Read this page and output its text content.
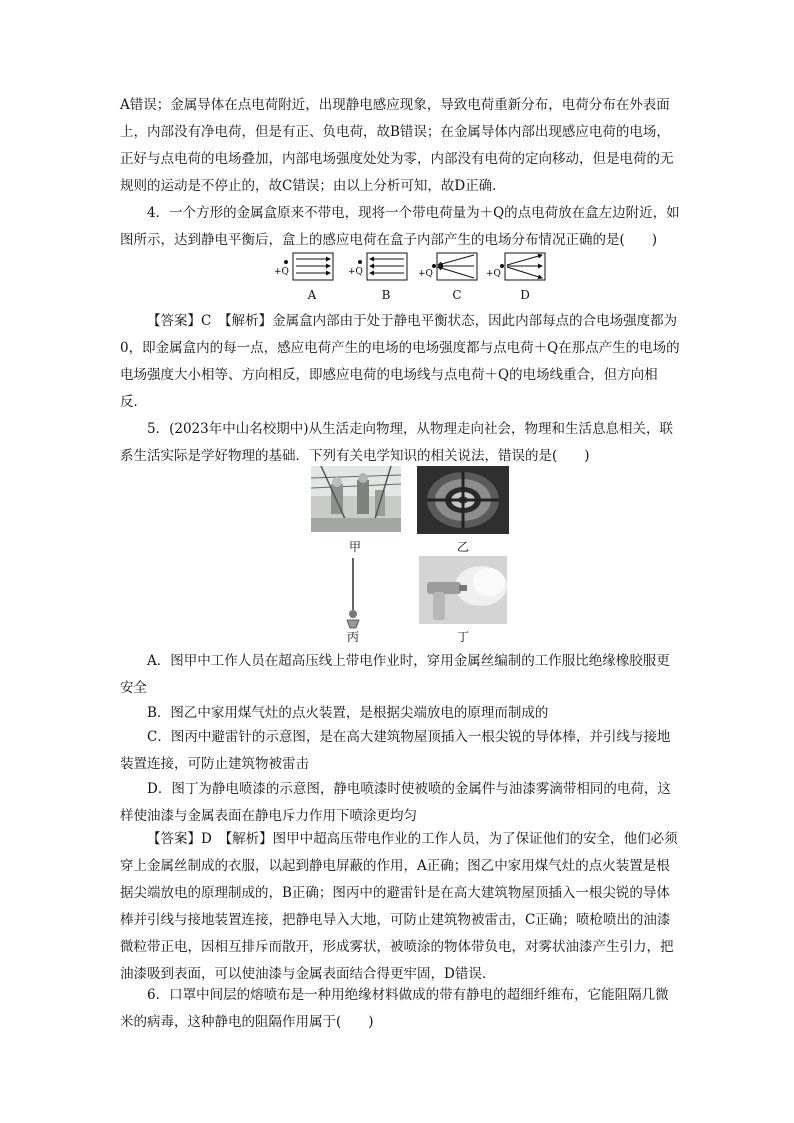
A错误；金属导体在点电荷附近，出现静电感应现象，导致电荷重新分布，电荷分布在外表面上，内部没有净电荷，但是有正、负电荷，故B错误；在金属导体内部出现感应电荷的电场，正好与点电荷的电场叠加，内部电场强度处处为零，内部没有电荷的定向移动，但是电荷的无规则的运动是不停止的，故C错误；由以上分析可知，故D正确．

4．一个方形的金属盒原来不带电，现将一个带电荷量为＋Q的点电荷放在盒左边附近，如图所示，达到静电平衡后，盒上的感应电荷在盒子内部产生的电场分布情况正确的是(　　)

+Q	+Q	+Q	+Q
A	B	C	D

【答案】C　【解析】金属盒内部由于处于静电平衡状态，因此内部每点的合电场强度都为0，即金属盒内的每一点，感应电荷产生的电场的电场强度都与点电荷＋Q在那点产生的电场的电场强度大小相等、方向相反，即感应电荷的电场线与点电荷＋Q的电场线重合，但方向相反．

5．(2023年中山名校期中)从生活走向物理，从物理走向社会，物理和生活息息相关，联系生活实际是学好物理的基础．下列有关电学知识的相关说法，错误的是(　　)

甲	乙
丙	丁

A．图甲中工作人员在超高压线上带电作业时，穿用金属丝编制的工作服比绝缘橡胶服更安全

B．图乙中家用煤气灶的点火装置，是根据尖端放电的原理而制成的

C．图丙中避雷针的示意图，是在高大建筑物屋顶插入一根尖锐的导体棒，并引线与接地装置连接，可防止建筑物被雷击

D．图丁为静电喷漆的示意图，静电喷漆时使被喷的金属件与油漆雾滴带相同的电荷，这样使油漆与金属表面在静电斥力作用下喷涂更均匀

【答案】D　【解析】图甲中超高压带电作业的工作人员，为了保证他们的安全，他们必须穿上金属丝制成的衣服，以起到静电屏蔽的作用，A正确；图乙中家用煤气灶的点火装置是根据尖端放电的原理制成的，B正确；图丙中的避雷针是在高大建筑物屋顶插入一根尖锐的导体棒并引线与接地装置连接，把静电导入大地，可防止建筑物被雷击，C正确；喷枪喷出的油漆微粒带正电，因相互排斥而散开，形成雾状，被喷涂的物体带负电，对雾状油漆产生引力，把油漆吸到表面，可以使油漆与金属表面结合得更牢固，D错误．

6．口罩中间层的熔喷布是一种用绝缘材料做成的带有静电的超细纤维布，它能阻隔几微米的病毒，这种静电的阻隔作用属于(　　)
